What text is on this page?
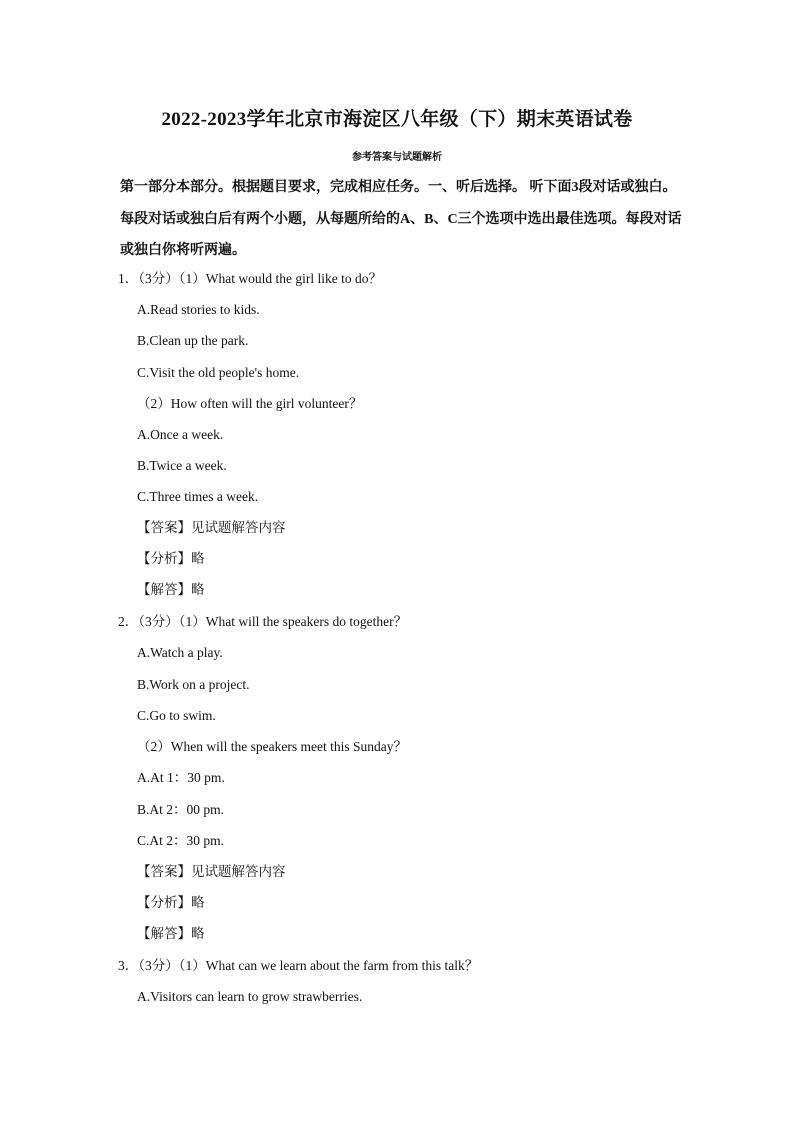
2022-2023学年北京市海淀区八年级（下）期末英语试卷
参考答案与试题解析
第一部分本部分。根据题目要求，完成相应任务。一、听后选择。 听下面3段对话或独白。每段对话或独白后有两个小题，从每题所给的A、B、C三个选项中选出最佳选项。每段对话或独白你将听两遍。
1．（3分）（1）What would the girl like to do？
A.Read stories to kids.
B.Clean up the park.
C.Visit the old people's home.
（2）How often will the girl volunteer？
A.Once a week.
B.Twice a week.
C.Three times a week.
【答案】见试题解答内容
【分析】略
【解答】略
2．（3分）（1）What will the speakers do together？
A.Watch a play.
B.Work on a project.
C.Go to swim.
（2）When will the speakers meet this Sunday？
A.At 1：30 pm.
B.At 2：00 pm.
C.At 2：30 pm.
【答案】见试题解答内容
【分析】略
【解答】略
3．（3分）（1）What can we learn about the farm from this talk？
A.Visitors can learn to grow strawberries.
